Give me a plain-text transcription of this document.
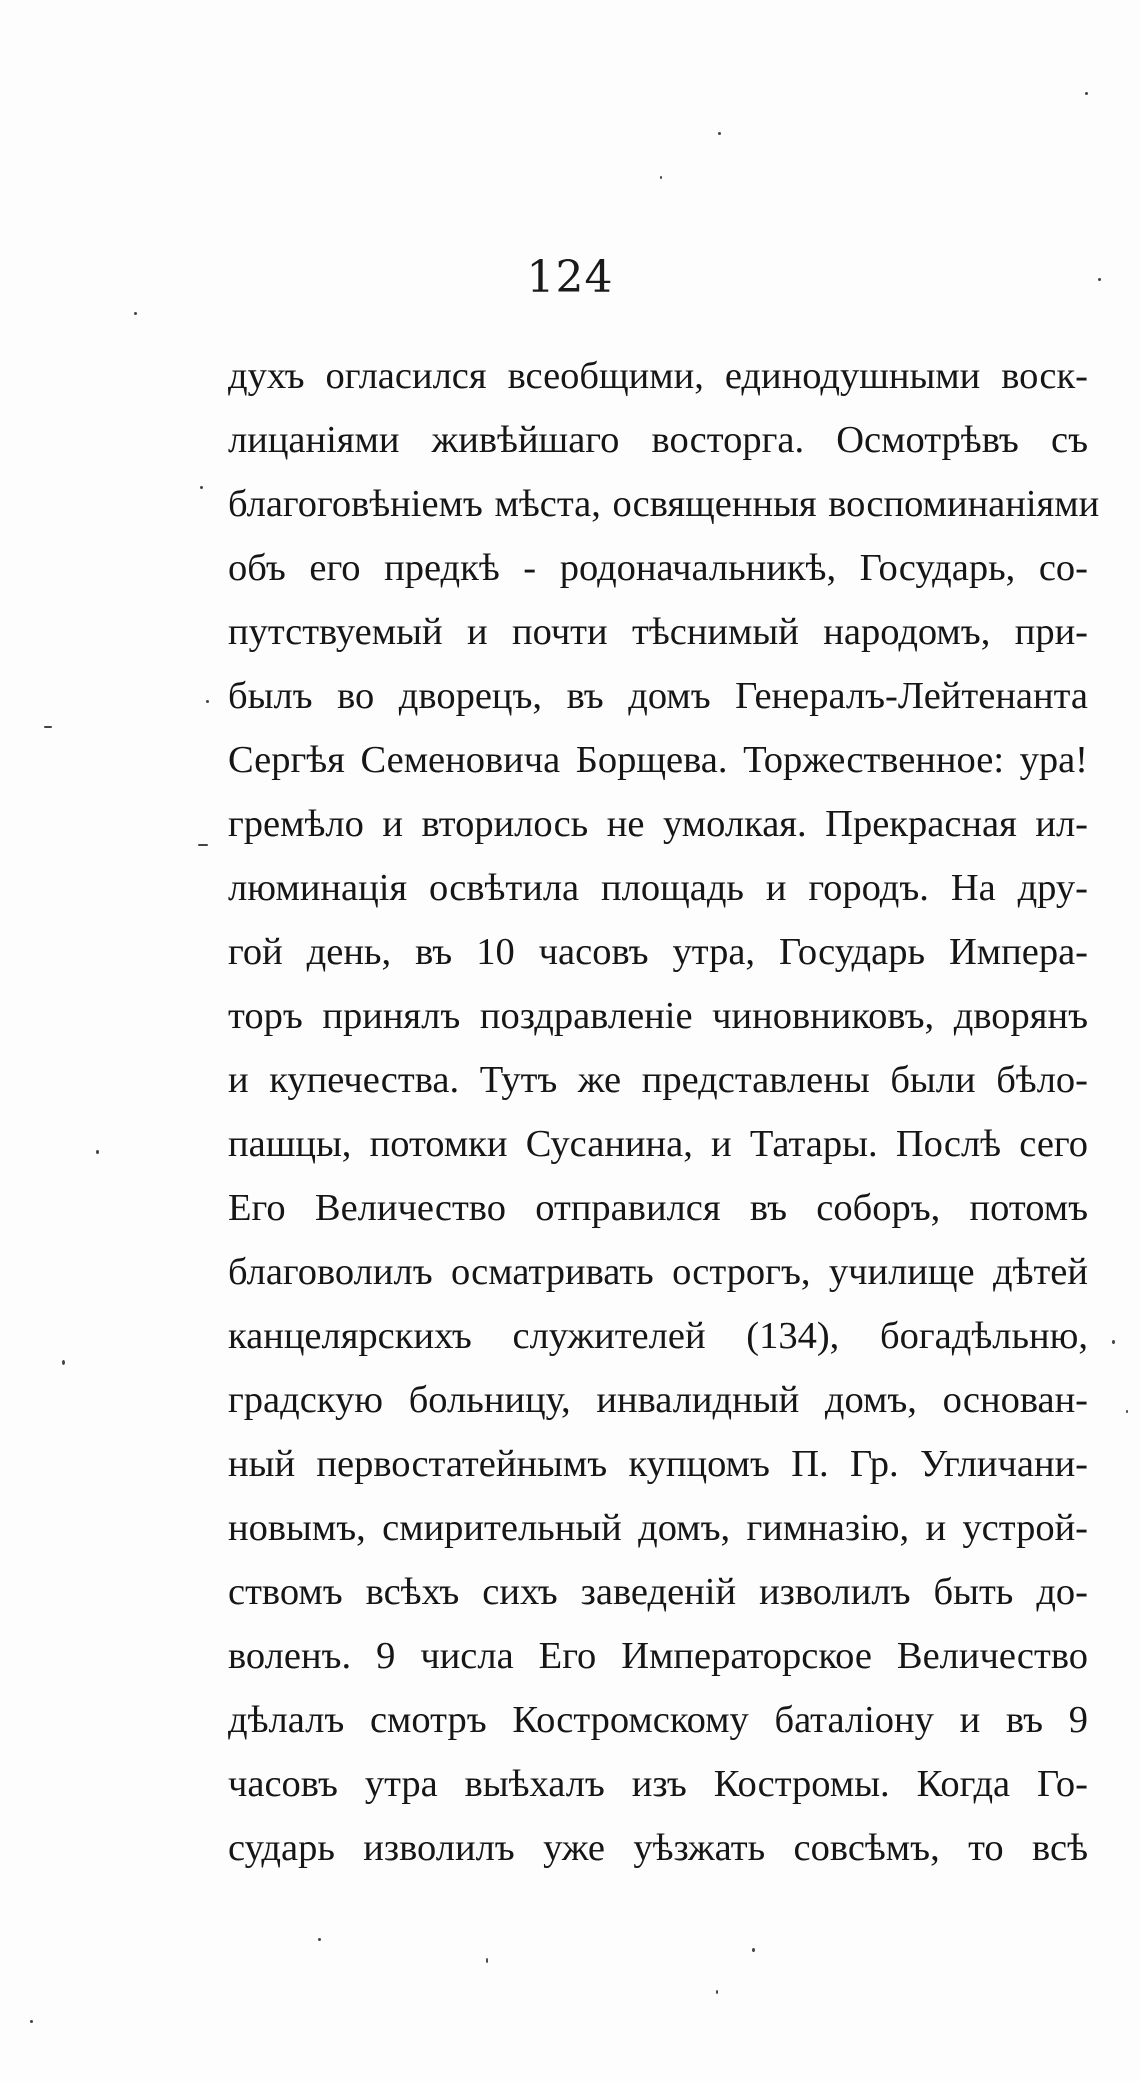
124
духъ огласился всеобщими, единодушными воск-
лицаніями живѣйшаго восторга. Осмотрѣвъ съ
благоговѣніемъ мѣста, освященныя воспоминаніями
объ его предкѣ - родоначальникѣ, Государь, со-
путствуемый и почти тѣснимый народомъ, при-
былъ во дворецъ, въ домъ Генералъ-Лейтенанта
Сергѣя Семеновича Борщева. Торжественное: ура!
гремѣло и вторилось не умолкая. Прекрасная ил-
люминація освѣтила площадь и городъ. На дру-
гой день, въ 10 часовъ утра, Государь Импера-
торъ принялъ поздравленіе чиновниковъ, дворянъ
и купечества. Тутъ же представлены были бѣло-
пашцы, потомки Сусанина, и Татары. Послѣ сего
Его Величество отправился въ соборъ, потомъ
благоволилъ осматривать острогъ, училище дѣтей
канцелярскихъ служителей (134), богадѣльню,
градскую больницу, инвалидный домъ, основан-
ный первостатейнымъ купцомъ П. Гр. Угличани-
новымъ, смирительный домъ, гимназію, и устрой-
ствомъ всѣхъ сихъ заведеній изволилъ быть до-
воленъ. 9 числа Его Императорское Величество
дѣлалъ смотръ Костромскому баталіону и въ 9
часовъ утра выѣхалъ изъ Костромы. Когда Го-
сударь изволилъ уже уѣзжать совсѣмъ, то всѣ
